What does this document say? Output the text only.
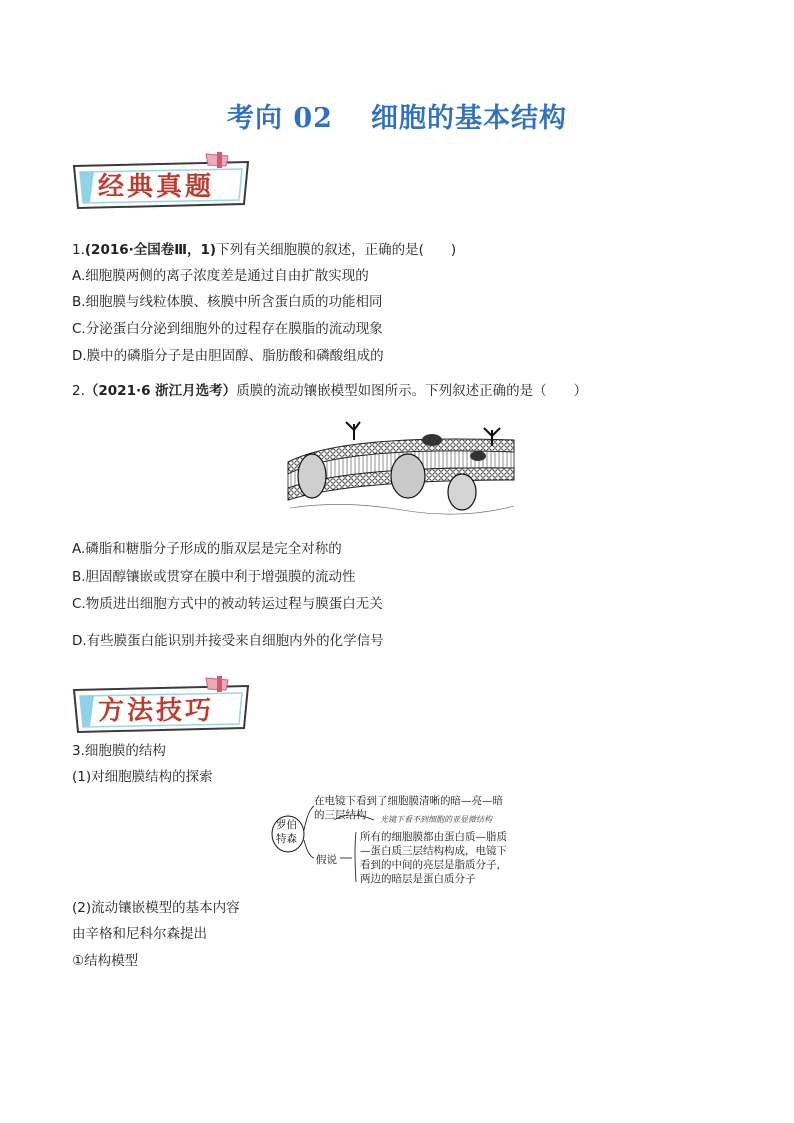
考向 02 细胞的基本结构
经典真题
1.(2016·全国卷Ⅲ，1)下列有关细胞膜的叙述，正确的是(　　)
A.细胞膜两侧的离子浓度差是通过自由扩散实现的
B.细胞膜与线粒体膜、核膜中所含蛋白质的功能相同
C.分泌蛋白分泌到细胞外的过程存在膜脂的流动现象
D.膜中的磷脂分子是由胆固醇、脂肪酸和磷酸组成的
2.（2021·6 浙江月选考）质膜的流动镶嵌模型如图所示。下列叙述正确的是（　　）
A.磷脂和糖脂分子形成的脂双层是完全对称的
B.胆固醇镶嵌或贯穿在膜中利于增强膜的流动性
C.物质进出细胞方式中的被动转运过程与膜蛋白无关
D.有些膜蛋白能识别并接受来自细胞内外的化学信号
方法技巧
3.细胞膜的结构
(1)对细胞膜结构的探索
罗伯
特森
在电镜下看到了细胞膜清晰的暗—亮—暗
的三层结构	光镜下看不到细胞的亚显微结构
假说
所有的细胞膜都由蛋白质—脂质
—蛋白质三层结构构成，电镜下
看到的中间的亮层是脂质分子，
两边的暗层是蛋白质分子
(2)流动镶嵌模型的基本内容
由辛格和尼科尔森提出
①结构模型
